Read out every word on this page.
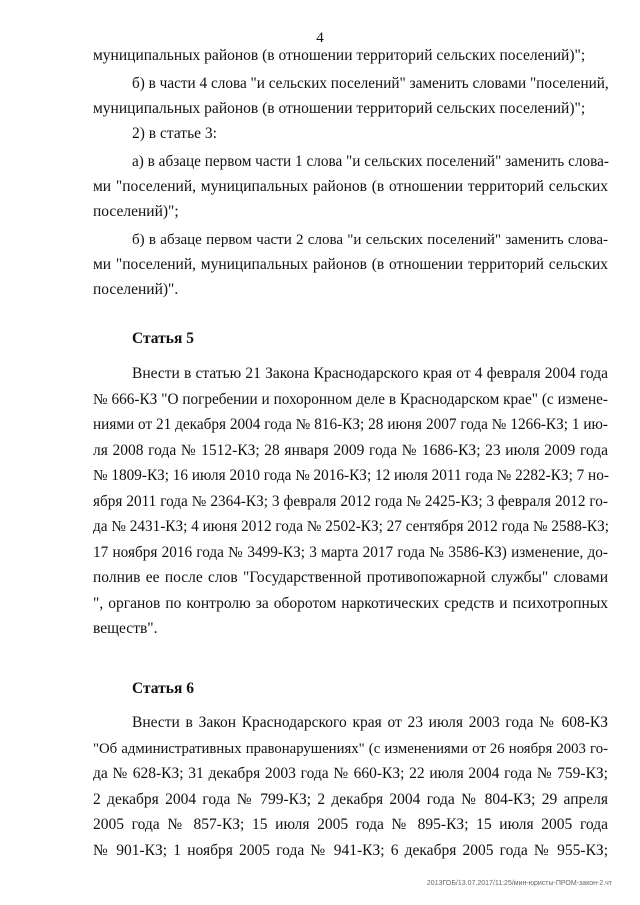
4

муниципальных районов (в отношении территорий сельских поселений)";

б) в части 4 слова "и сельских поселений" заменить словами "поселений,

муниципальных районов (в отношении территорий сельских поселений)";

2) в статье 3:

а) в абзаце первом части 1 слова "и сельских поселений" заменить слова-

ми "поселений, муниципальных районов (в отношении территорий сельских

поселений)";

б) в абзаце первом части 2 слова "и сельских поселений" заменить слова-

ми "поселений, муниципальных районов (в отношении территорий сельских

поселений)".

Статья 5

Внести в статью 21 Закона Краснодарского края от 4 февраля 2004 года

№ 666-КЗ "О погребении и похоронном деле в Краснодарском крае" (с измене-

ниями от 21 декабря 2004 года № 816-КЗ; 28 июня 2007 года № 1266-КЗ; 1 ию-

ля 2008 года № 1512-КЗ; 28 января 2009 года № 1686-КЗ; 23 июля 2009 года

№ 1809-КЗ; 16 июля 2010 года № 2016-КЗ; 12 июля 2011 года № 2282-КЗ; 7 но-

ября 2011 года № 2364-КЗ; 3 февраля 2012 года № 2425-КЗ; 3 февраля 2012 го-

да № 2431-КЗ; 4 июня 2012 года № 2502-КЗ; 27 сентября 2012 года № 2588-КЗ;

17 ноября 2016 года № 3499-КЗ; 3 марта 2017 года № 3586-КЗ) изменение, до-

полнив ее после слов "Государственной противопожарной службы" словами

", органов по контролю за оборотом наркотических средств и психотропных

веществ".

Статья 6

Внести в Закон Краснодарского края от 23 июля 2003 года № 608-КЗ

"Об административных правонарушениях" (с изменениями от 26 ноября 2003 го-

да № 628-КЗ; 31 декабря 2003 года № 660-КЗ; 22 июля 2004 года № 759-КЗ;

2 декабря 2004 года № 799-КЗ; 2 декабря 2004 года № 804-КЗ; 29 апреля

2005 года № 857-КЗ; 15 июля 2005 года № 895-КЗ; 15 июля 2005 года

№ 901-КЗ; 1 ноября 2005 года № 941-КЗ; 6 декабря 2005 года № 955-КЗ;

2013ГОБ/13.07.2017/11:25/мин-юристы-ПРОМ-закон-2.чт
